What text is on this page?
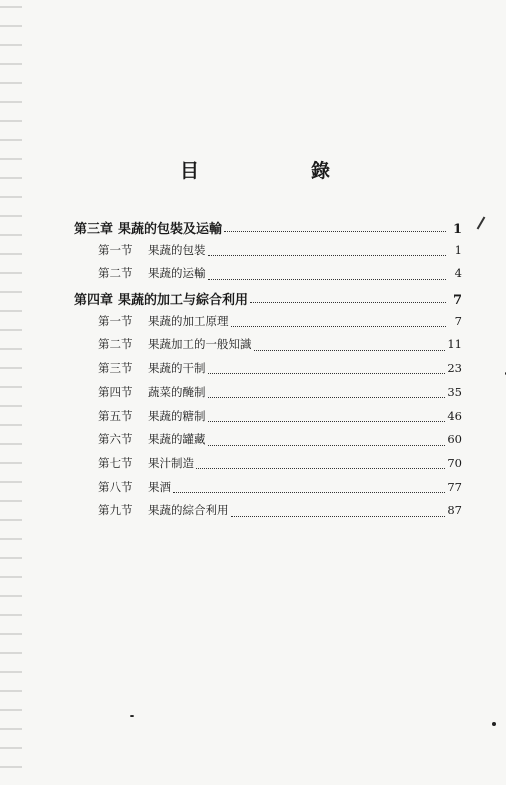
目	錄
第三章 果蔬的包裝及运輸	1
第一节	果蔬的包裝	1
第二节	果蔬的运輸	4
第四章 果蔬的加工与綜合利用	7
第一节	果蔬的加工原理	7
第二节	果蔬加工的一般知識	11
第三节	果蔬的干制	23
第四节	蔬菜的醃制	35
第五节	果蔬的糖制	46
第六节	果蔬的罐藏	60
第七节	果汁制造	70
第八节	果酒	77
第九节	果蔬的綜合利用	87
